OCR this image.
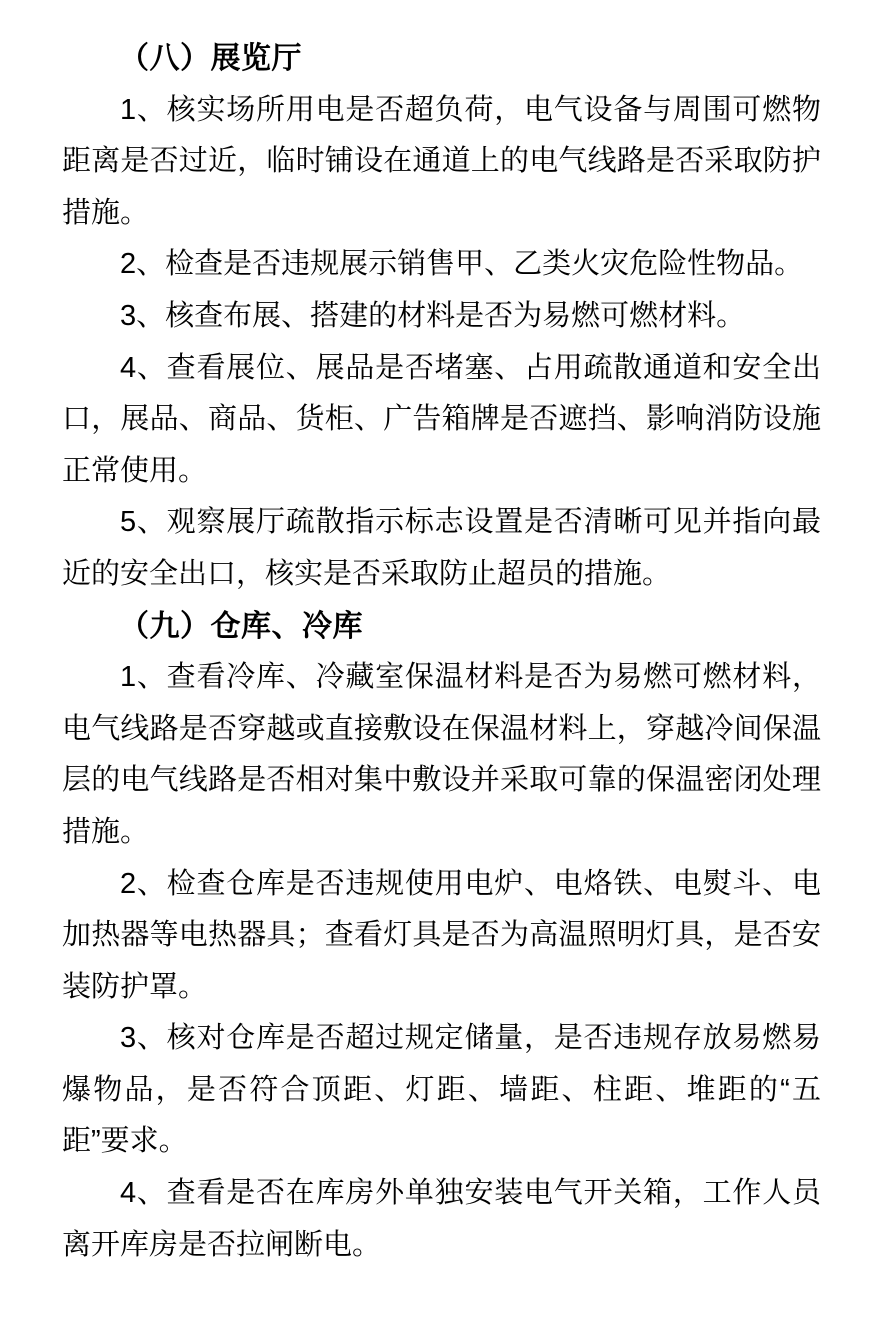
（八）展览厅

1、核实场所用电是否超负荷，电气设备与周围可燃物距离是否过近，临时铺设在通道上的电气线路是否采取防护措施。

2、检查是否违规展示销售甲、乙类火灾危险性物品。

3、核查布展、搭建的材料是否为易燃可燃材料。

4、查看展位、展品是否堵塞、占用疏散通道和安全出口，展品、商品、货柜、广告箱牌是否遮挡、影响消防设施正常使用。

5、观察展厅疏散指示标志设置是否清晰可见并指向最近的安全出口，核实是否采取防止超员的措施。

（九）仓库、冷库

1、查看冷库、冷藏室保温材料是否为易燃可燃材料，电气线路是否穿越或直接敷设在保温材料上，穿越冷间保温层的电气线路是否相对集中敷设并采取可靠的保温密闭处理措施。

2、检查仓库是否违规使用电炉、电烙铁、电熨斗、电加热器等电热器具；查看灯具是否为高温照明灯具，是否安装防护罩。

3、核对仓库是否超过规定储量，是否违规存放易燃易爆物品，是否符合顶距、灯距、墙距、柱距、堆距的“五距”要求。

4、查看是否在库房外单独安装电气开关箱，工作人员离开库房是否拉闸断电。
